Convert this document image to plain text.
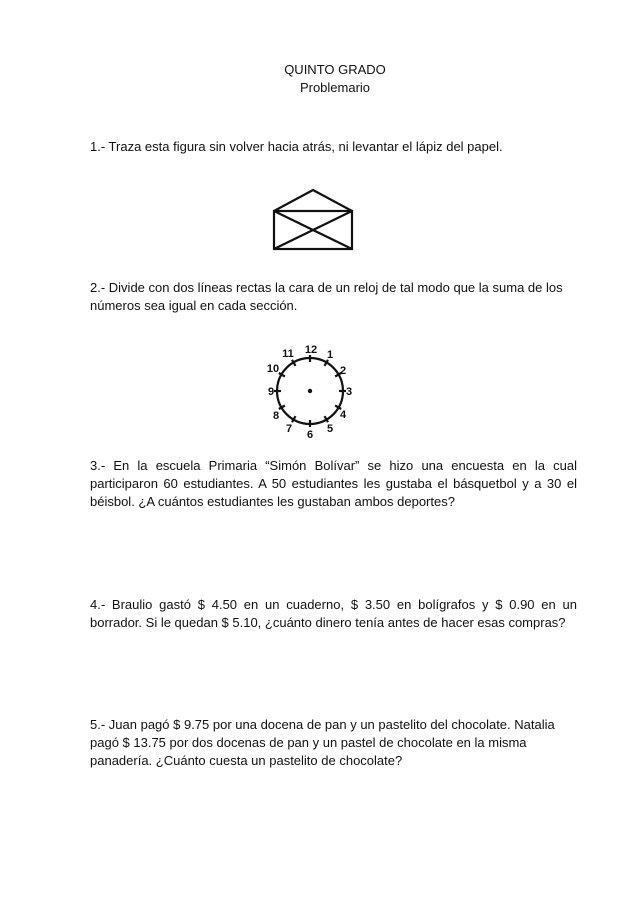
QUINTO GRADO
Problemario

1.- Traza esta figura sin volver hacia atrás, ni levantar el lápiz del papel.

2.- Divide con dos líneas rectas la cara de un reloj de tal modo que la suma de los números sea igual en cada sección.

12 1
2
3
4
5
6
7
8
9
10
11

3.- En la escuela Primaria “Simón Bolívar” se hizo una encuesta en la cual participaron 60 estudiantes. A 50 estudiantes les gustaba el básquetbol y a 30 el béisbol. ¿A cuántos estudiantes les gustaban ambos deportes?

4.- Braulio gastó $ 4.50 en un cuaderno, $ 3.50 en bolígrafos y $ 0.90 en un borrador. Si le quedan $ 5.10, ¿cuánto dinero tenía antes de hacer esas compras?

5.- Juan pagó $ 9.75 por una docena de pan y un pastelito del chocolate. Natalia pagó $ 13.75 por dos docenas de pan y un pastel de chocolate en la misma panadería. ¿Cuánto cuesta un pastelito de chocolate?
